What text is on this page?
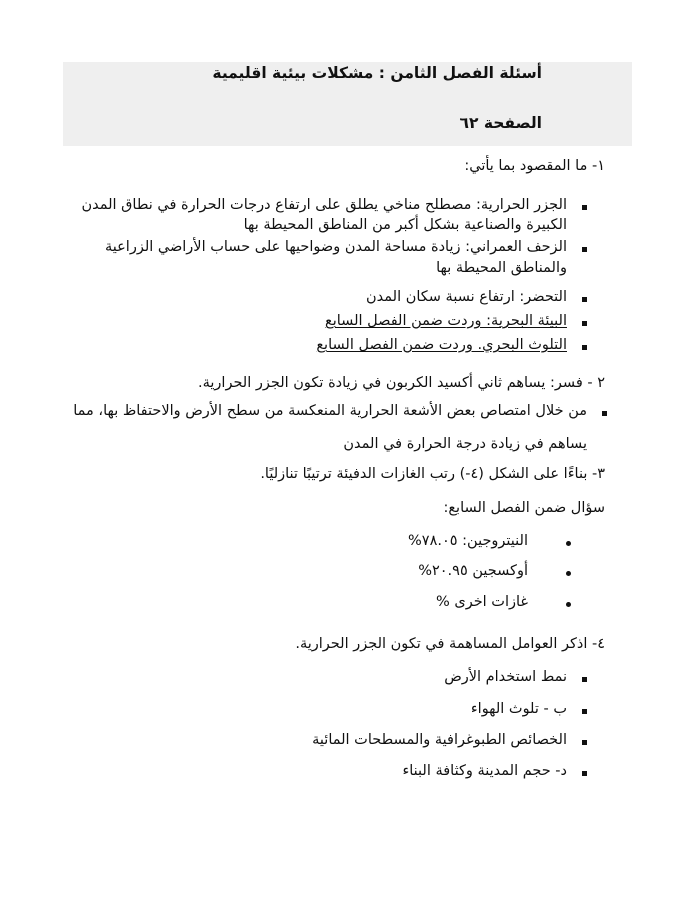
أسئلة الفصل الثامن : مشكلات بيئية اقليمية
الصفحة ٦٢
١- ما المقصود بما يأتي:
الجزر الحرارية: مصطلح مناخي يطلق على ارتفاع درجات الحرارة في نطاق المدن
الكبيرة والصناعية بشكل أكبر من المناطق المحيطة بها
الزحف العمراني: زيادة مساحة المدن وضواحيها على حساب الأراضي الزراعية
والمناطق المحيطة بها
التحضر: ارتفاع نسبة سكان المدن
البيئة البحرية: وردت ضمن الفصل السابع
التلوث البحري. وردت ضمن الفصل السابع
٢ - فسر: يساهم ثاني أكسيد الكربون في زيادة تكون الجزر الحرارية.
من خلال امتصاص بعض الأشعة الحرارية المنعكسة من سطح الأرض والاحتفاظ بها، مما
يساهم في زيادة درجة الحرارة في المدن
٣- بناءًا على الشكل (٤-) رتب الغازات الدفيئة ترتيبًا تنازليًا.
سؤال ضمن الفصل السابع:
النيتروجين: ٧٨.٠٥%
أوكسجين ٢٠.٩٥%
غازات اخرى %
٤- اذكر العوامل المساهمة في تكون الجزر الحرارية.
نمط استخدام الأرض
ب - تلوث الهواء
الخصائص الطبوغرافية والمسطحات المائية
د- حجم المدينة وكثافة البناء
